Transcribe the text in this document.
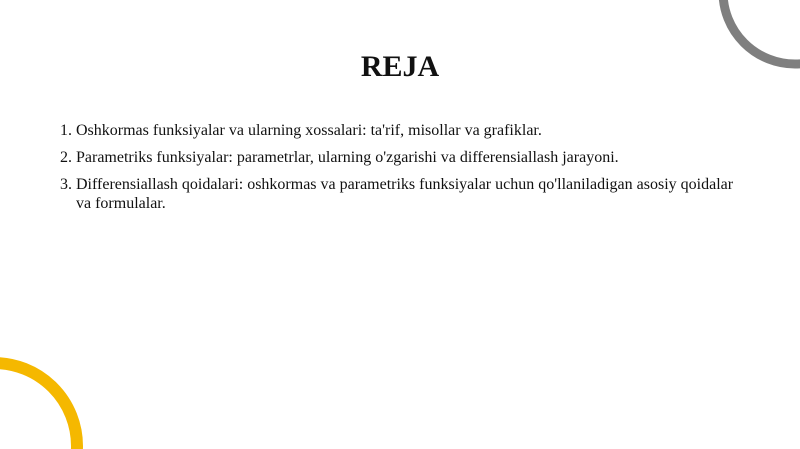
REJA
1. Oshkormas funksiyalar va ularning xossalari: ta'rif, misollar va grafiklar.
2. Parametriks funksiyalar: parametrlar, ularning o'zgarishi va differensiallash jarayoni.
3. Differensiallash qoidalari: oshkormas va parametriks funksiyalar uchun qo'llaniladigan asosiy qoidalar va formulalar.
